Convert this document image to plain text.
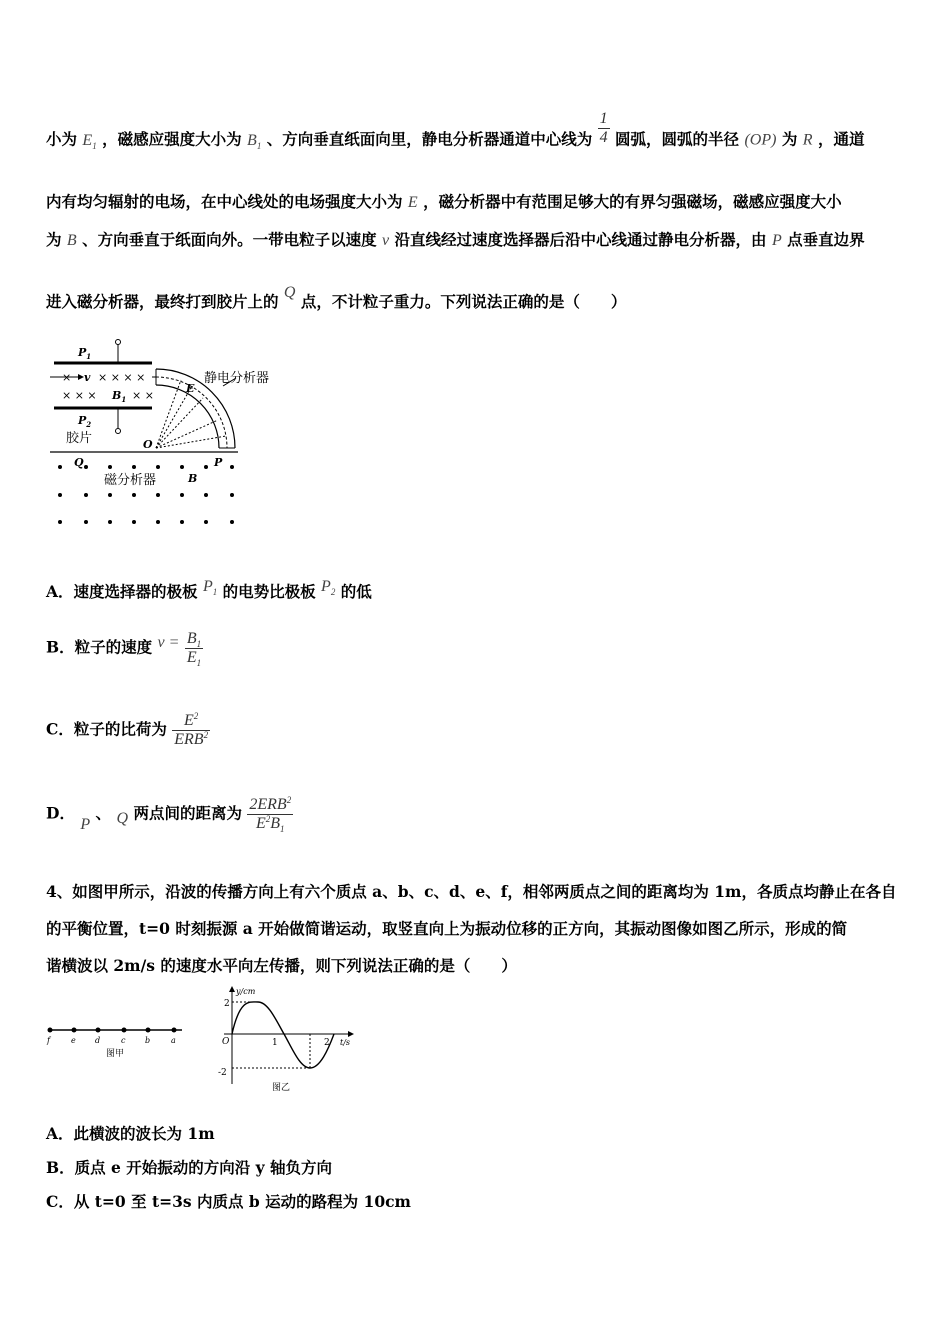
小为 $E_1$ ，磁感应强度大小为 $B_1$ 、方向垂直纸面向里，静电分析器通道中心线为 $\frac{1}{4}$ 圆弧，圆弧的半径 (OP) 为 R ，通道
内有均匀辐射的电场，在中心线处的电场强度大小为 E ，磁分析器中有范围足够大的有界匀强磁场，磁感应强度大小
为 B 、方向垂直于纸面向外。一带电粒子以速度 v 沿直线经过速度选择器后沿中心线通过静电分析器，由 P 点垂直边界
进入磁分析器，最终打到胶片上的 Q 点，不计粒子重力。下列说法正确的是（　　）
$P_1$
$P_2$
× v × × × ×
× × × $B_1$ × ×
E
静电分析器
O
胶片
Q	P
磁分析器	B
A．速度选择器的极板 $P_1$ 的电势比极板 $P_2$ 的低
B．粒子的速度 $v = \frac{B_1}{E_1}$
C．粒子的比荷为 $\frac{E^2}{ERB^2}$
D． P 、 Q 两点间的距离为 $\frac{2ERB^2}{E^2B_1}$
4、如图甲所示，沿波的传播方向上有六个质点 a、b、c、d、e、f，相邻两质点之间的距离均为 1m，各质点均静止在各自
的平衡位置，t=0 时刻振源 a 开始做简谐运动，取竖直向上为振动位移的正方向，其振动图像如图乙所示，形成的简
谐横波以 2m/s 的速度水平向左传播，则下列说法正确的是（　　）
f	e d	c b	a
图甲
y/cm
t/s
O
2
-2
1	2
图乙
A．此横波的波长为 1m
B．质点 e 开始振动的方向沿 y 轴负方向
C．从 t=0 至 t=3s 内质点 b 运动的路程为 10cm
